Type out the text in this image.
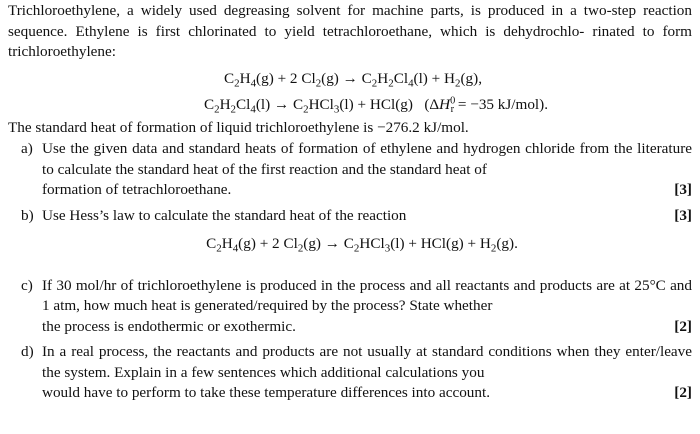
Trichloroethylene, a widely used degreasing solvent for machine parts, is produced in a two-step reaction sequence. Ethylene is first chlorinated to yield tetrachloroethane, which is dehydrochlo- rinated to form trichloroethylene:

$C_2H_4(g) + 2$ $Cl_2(g) \to C_2H_2Cl_4(l) + H_2(g)$,
$C_2H_2Cl_4(l) \to C_2HCl_3(l) + HCl(g) (\Delta H^0_r = -35$ kJ/mol).

The standard heat of formation of liquid trichloroethylene is −276.2 kJ/mol.

a) Use the given data and standard heats of formation of ethylene and hydrogen chloride from the literature to calculate the standard heat of the first reaction and the standard heat of
formation of tetrachloroethane.	[3]
b) Use Hess’s law to calculate the standard heat of the reaction	[3]
$C_2H_4(g) + 2$ $Cl_2(g) \to C_2HCl_3(l) + HCl(g) + H_2(g)$.
c) If 30 mol/hr of trichloroethylene is produced in the process and all reactants and products are at 25°C and 1 atm, how much heat is generated/required by the process? State whether
the process is endothermic or exothermic.	[2]
d) In a real process, the reactants and products are not usually at standard conditions when they enter/leave the system. Explain in a few sentences which additional calculations you
would have to perform to take these temperature differences into account.	[2]
